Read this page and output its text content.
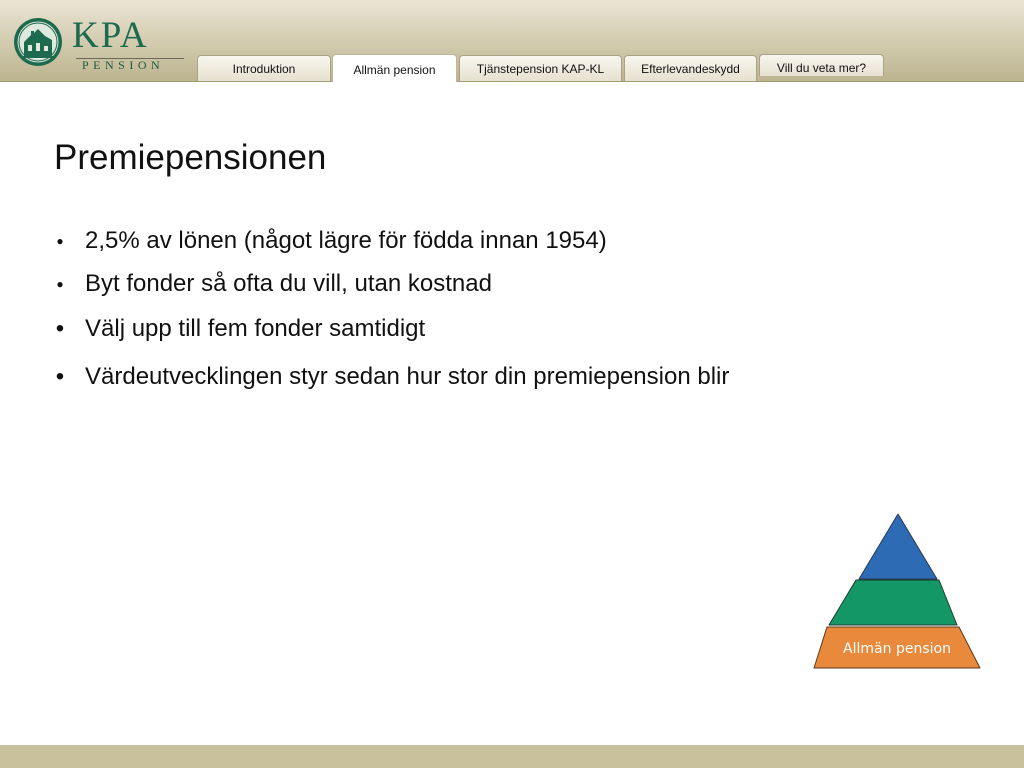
KPA
PENSION	Introduktion	Allmän pension	Tjänstepension KAP-KL	Efterlevandeskydd	Vill du veta mer?
Premiepensionen
● 2,5% av lönen (något lägre för födda innan 1954)
● Byt fonder så ofta du vill, utan kostnad
• Välj upp till fem fonder samtidigt
• Värdeutvecklingen styr sedan hur stor din premiepension blir
Allmän pension
